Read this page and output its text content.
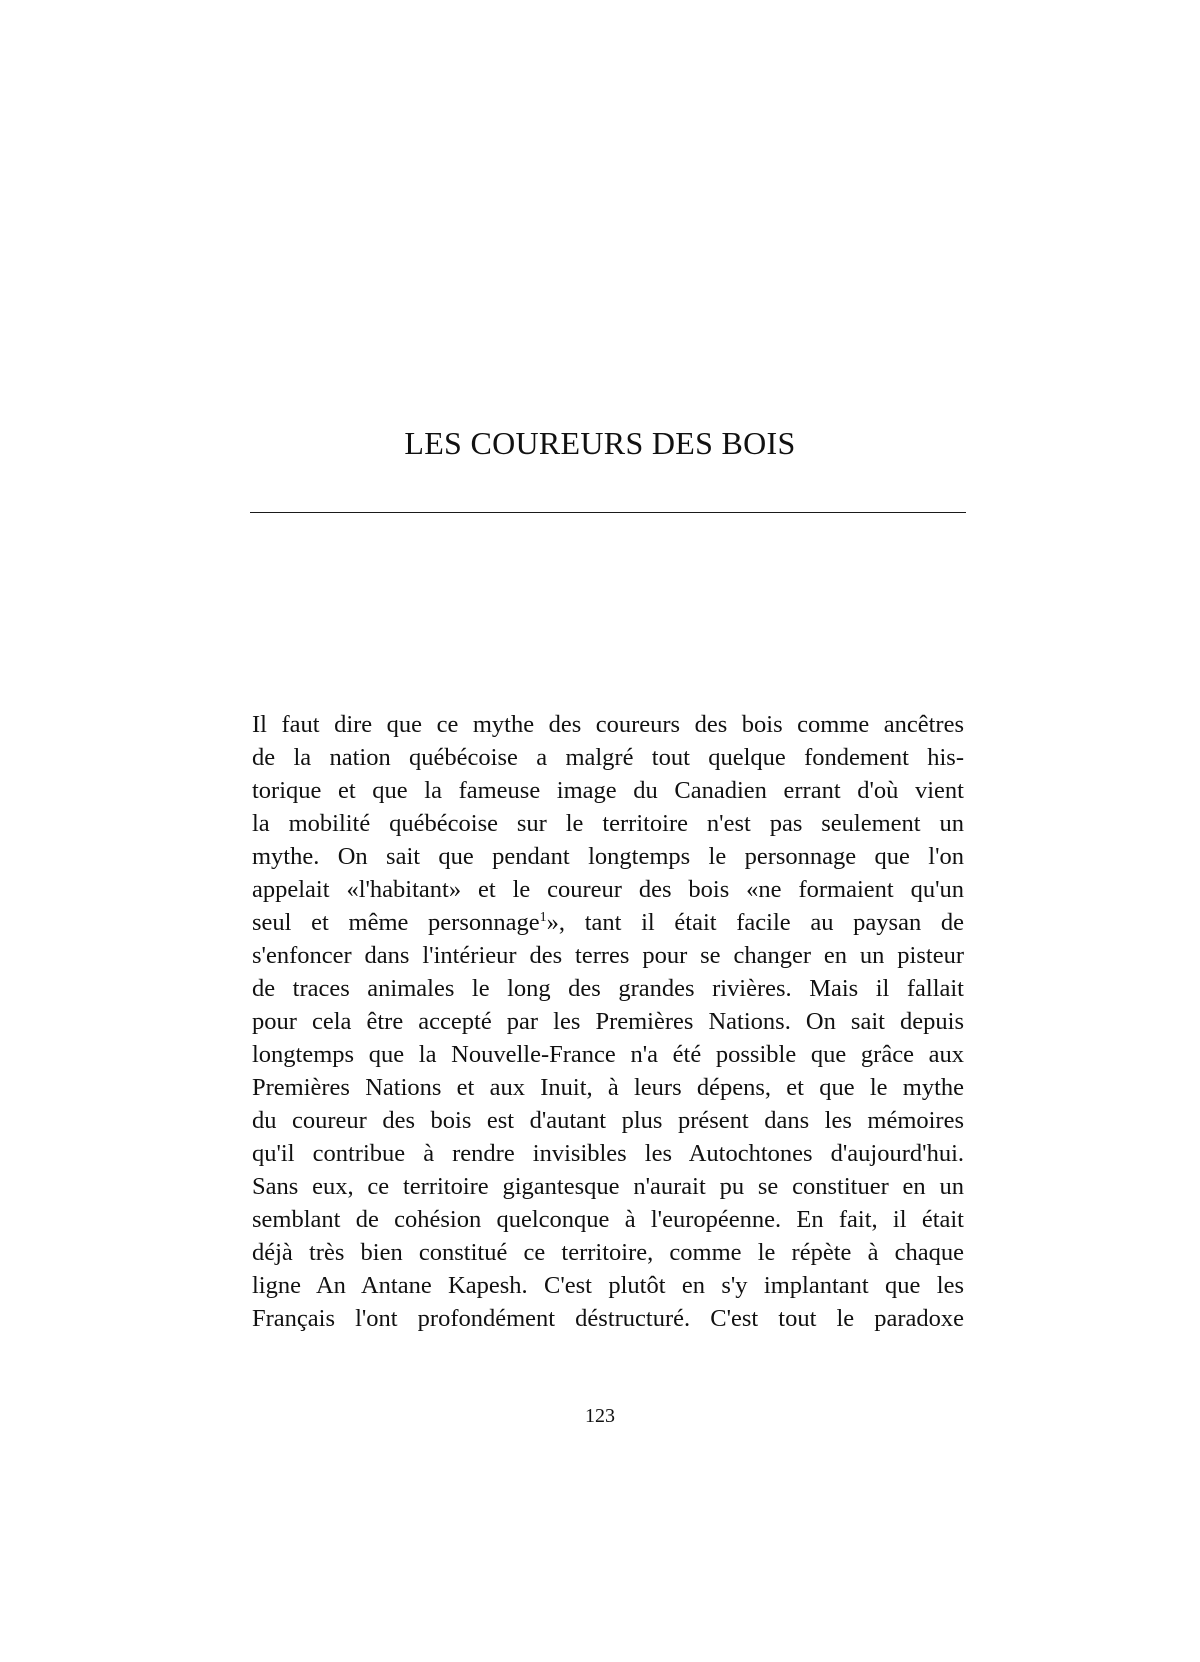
LES COUREURS DES BOIS
Il faut dire que ce mythe des coureurs des bois comme ancêtres
de la nation québécoise a malgré tout quelque fondement his-
torique et que la fameuse image du Canadien errant d'où vient
la mobilité québécoise sur le territoire n'est pas seulement un
mythe. On sait que pendant longtemps le personnage que l'on
appelait «l'habitant» et le coureur des bois «ne formaient qu'un
seul et même personnage$^1$», tant il était facile au paysan de
s'enfoncer dans l'intérieur des terres pour se changer en un pisteur
de traces animales le long des grandes rivières. Mais il fallait
pour cela être accepté par les Premières Nations. On sait depuis
longtemps que la Nouvelle-France n'a été possible que grâce aux
Premières Nations et aux Inuit, à leurs dépens, et que le mythe
du coureur des bois est d'autant plus présent dans les mémoires
qu'il contribue à rendre invisibles les Autochtones d'aujourd'hui.
Sans eux, ce territoire gigantesque n'aurait pu se constituer en un
semblant de cohésion quelconque à l'européenne. En fait, il était
déjà très bien constitué ce territoire, comme le répète à chaque
ligne An Antane Kapesh. C'est plutôt en s'y implantant que les
Français l'ont profondément déstructuré. C'est tout le paradoxe

123
